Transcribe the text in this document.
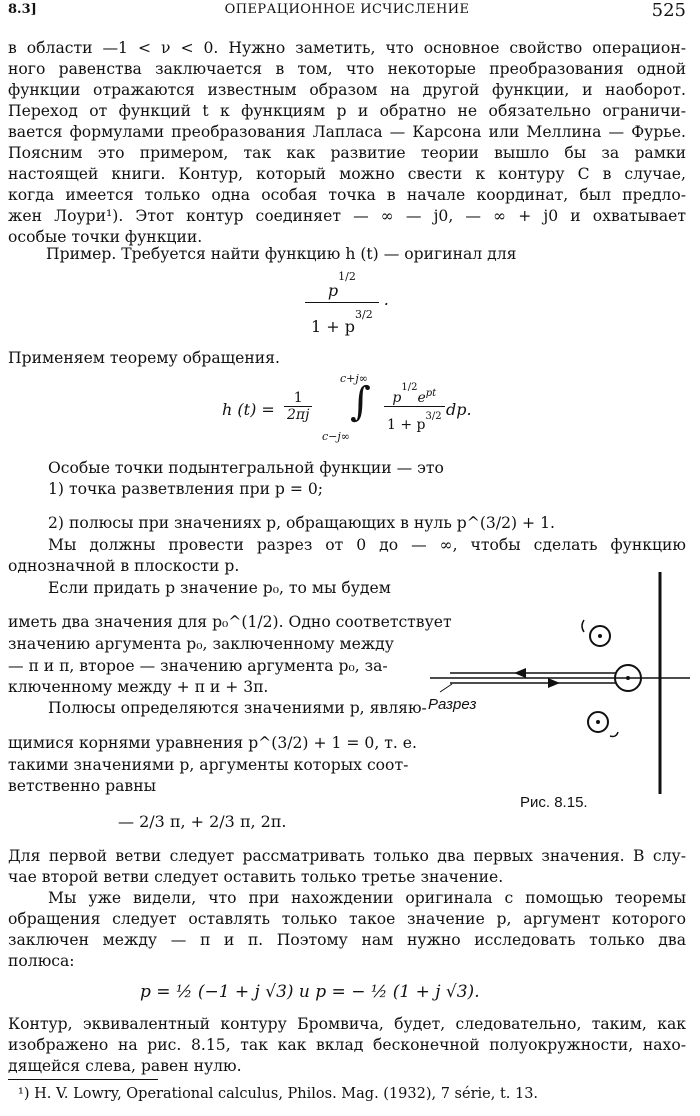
8.3]	ОПЕРАЦИОННОЕ ИСЧИСЛЕНИЕ	525
в области —1 < ν < 0. Нужно заметить, что основное свойство операцион-
ного равенства заключается в том, что некоторые преобразования одной
функции отражаются известным образом на другой функции, и наоборот.
Переход от функций t к функциям p и обратно не обязательно ограничи-
вается формулами преобразования Лапласа — Карсона или Меллина — Фурье.
Поясним это примером, так как развитие теории вышло бы за рамки
настоящей книги. Контур, который можно свести к контуру C в случае,
когда имеется только одна особая точка в начале координат, был предло-
жен Лоури¹). Этот контур соединяет — ∞ — j0, — ∞ + j0 и охватывает
особые точки функции.
Пример. Требуется найти функцию h (t) — оригинал для
$\frac{p^{1/2}}{1 + p^{3/2}}$ .
Применяем теорему обращения.
h $(t) = \frac{1}{2\pi j}$
c+j∞
∫
c−j∞
$p^{1/2}e^{pt}$
$1 + p^{3/2}$ dp.
Особые точки подынтегральной функции — это
1) точка разветвления при p = 0;
2) полюсы при значениях p, обращающих в нуль p^(3/2) + 1.
Мы должны провести разрез от 0 до — ∞, чтобы сделать функцию
однозначной в плоскости p.
Если придать p значение p₀, то мы будем
иметь два значения для p₀^(1/2). Одно соответствует
значению аргумента p₀, заключенному между
— π и π, второе — значению аргумента p₀, за-
ключенному между + π и + 3π.
Полюсы определяются значениями p, являю-
щимися корнями уравнения p^(3/2) + 1 = 0, т. е.
такими значениями p, аргументы которых соот-
ветственно равны
— 2/3 π, + 2/3 π, 2π.
Разрез
Рис. 8.15.
Для первой ветви следует рассматривать только два первых значения. В слу-
чае второй ветви следует оставить только третье значение.
Мы уже видели, что при нахождении оригинала с помощью теоремы
обращения следует оставлять только такое значение p, аргумент которого
заключен между — π и π. Поэтому нам нужно исследовать только два
полюса:
p = ½ (−1 + j √3) и p = − ½ (1 + j √3).
Контур, эквивалентный контуру Бромвича, будет, следовательно, таким, как
изображено на рис. 8.15, так как вклад бесконечной полуокружности, нахо-
дящейся слева, равен нулю.
¹) H. V. Lowry, Operational calculus, Philos. Mag. (1932), 7 série, t. 13.
